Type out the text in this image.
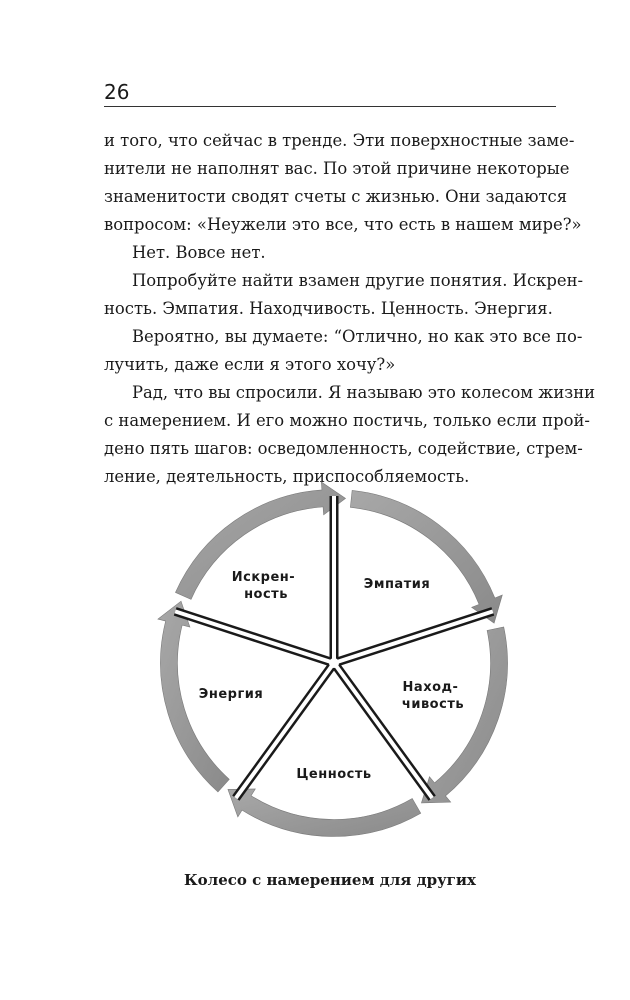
26

и того, что сейчас в тренде. Эти поверхностные заме-

нители не наполнят вас. По этой причине некоторые

знаменитости сводят счеты с жизнью. Они задаются

вопросом: «Неужели это все, что есть в нашем мире?»

Нет. Вовсе нет.

Попробуйте найти взамен другие понятия. Искрен-

ность. Эмпатия. Находчивость. Ценность. Энергия.

Вероятно, вы думаете: “Отлично, но как это все по-

лучить, даже если я этого хочу?»

Рад, что вы спросили. Я называю это колесом жизни

с намерением. И его можно постичь, только если прой-

дено пять шагов: осведомленность, содействие, стрем-

ление, деятельность, приспособляемость.

Искрен- ность
Эмпатия
Наход- чивость
Ценность
Энергия
Колесо с намерением для других
